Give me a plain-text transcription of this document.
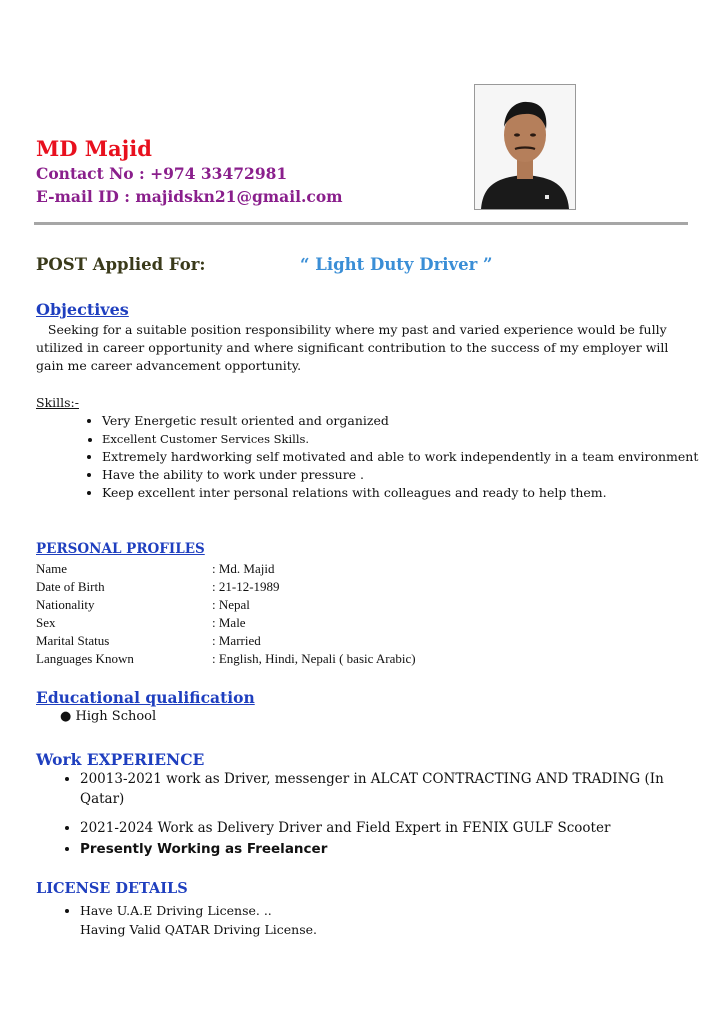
MD Majid
Contact No : +974 33472981
E-mail ID : majidskn21@gmail.com
POST Applied For:	“ Light Duty Driver ”
Objectives
Seeking for a suitable position responsibility where my past and varied experience would be fully utilized in career opportunity and where significant contribution to the success of my employer will gain me career advancement opportunity.
Skills:-
• Very Energetic result oriented and organized
• Excellent Customer Services Skills.
• Extremely hardworking self motivated and able to work independently in a team environment
• Have the ability to work under pressure .
• Keep excellent inter personal relations with colleagues and ready to help them.
PERSONAL PROFILES
Name	: Md. Majid
Date of Birth	: 21-12-1989
Nationality	: Nepal
Sex	: Male
Marital Status	: Married
Languages Known	: English, Hindi, Nepali ( basic Arabic)
Educational qualification
● High School
Work EXPERIENCE
• 20013-2021 work as Driver, messenger in ALCAT CONTRACTING AND TRADING (In Qatar)
• 2021-2024 Work as Delivery Driver and Field Expert in FENIX GULF Scooter
• Presently Working as Freelancer
LICENSE DETAILS
• Have U.A.E Driving License. ..
Having Valid QATAR Driving License.
